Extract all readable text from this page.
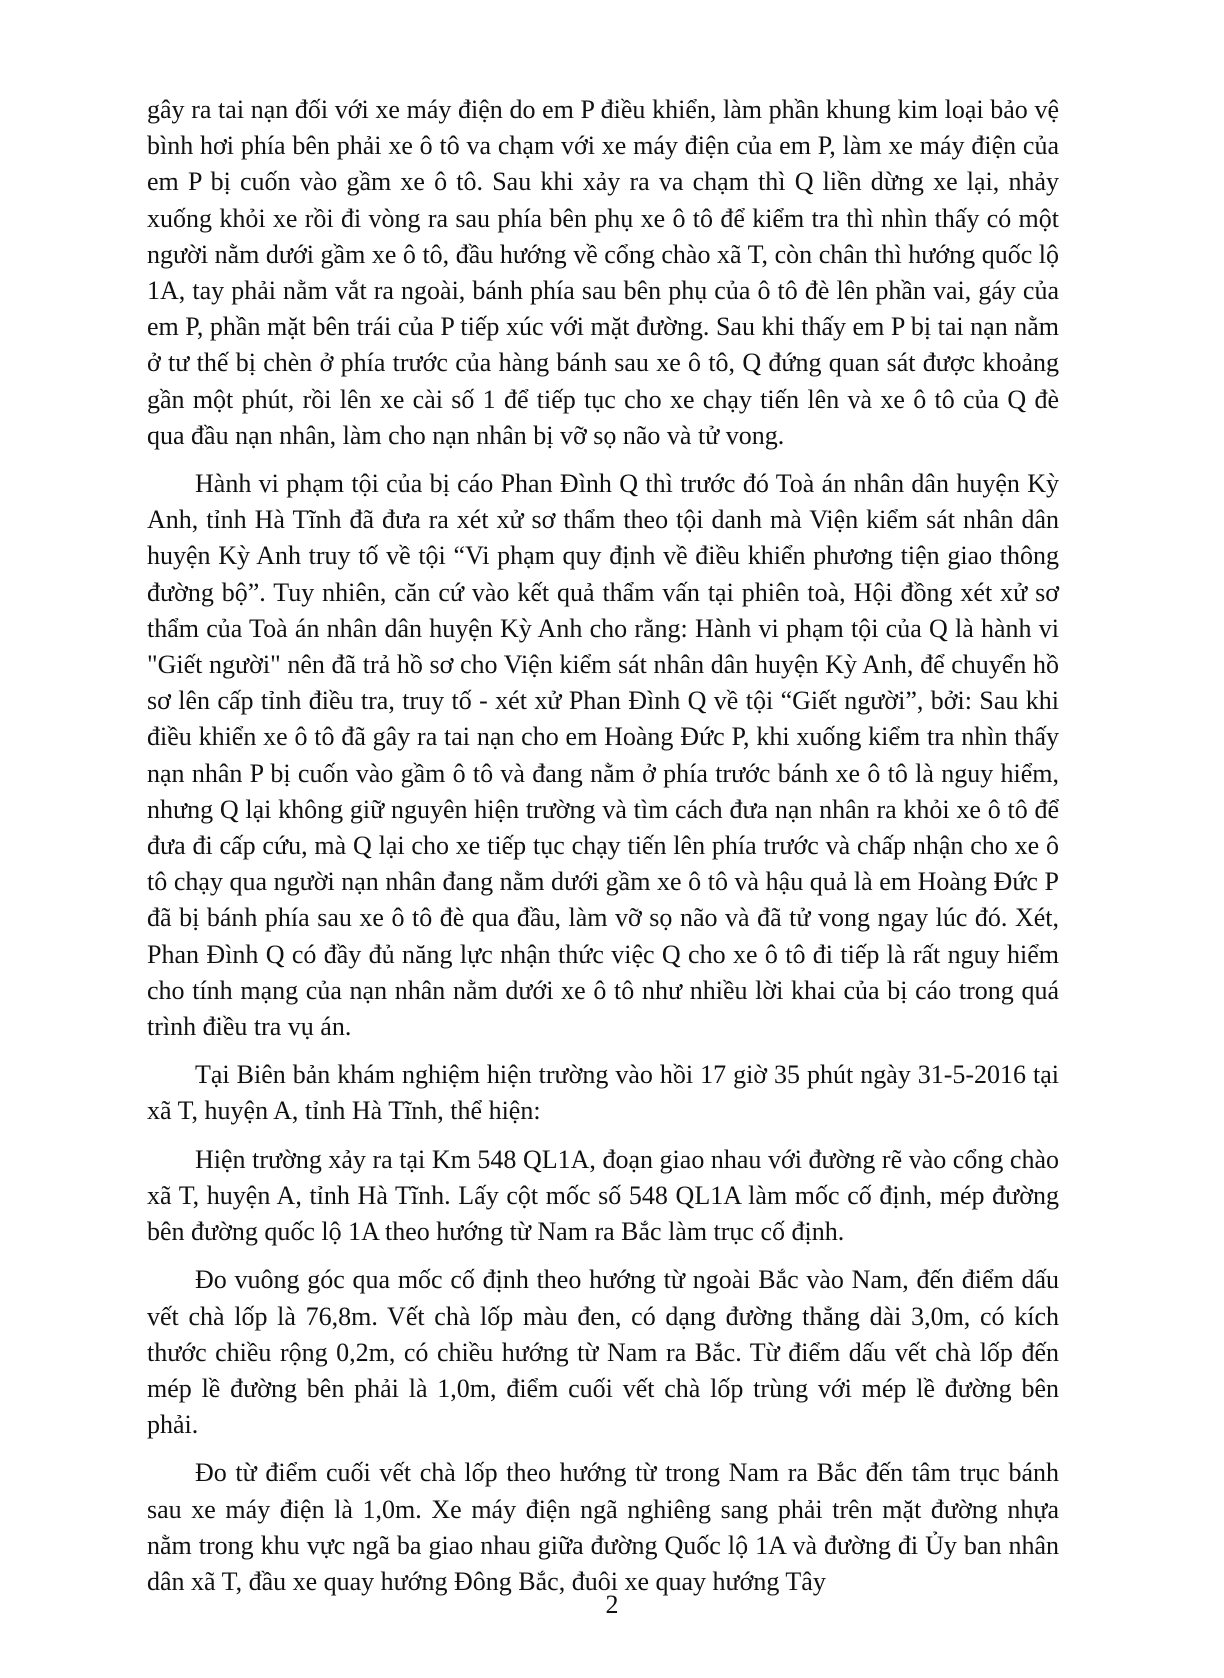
gây ra tai nạn đối với xe máy điện do em P điều khiển, làm phần khung kim loại bảo vệ bình hơi phía bên phải xe ô tô va chạm với xe máy điện của em P, làm xe máy điện của em P bị cuốn vào gầm xe ô tô. Sau khi xảy ra va chạm thì Q liền dừng xe lại, nhảy xuống khỏi xe rồi đi vòng ra sau phía bên phụ xe ô tô để kiểm tra thì nhìn thấy có một người nằm dưới gầm xe ô tô, đầu hướng về cổng chào xã T, còn chân thì hướng quốc lộ 1A, tay phải nằm vắt ra ngoài, bánh phía sau bên phụ của ô tô đè lên phần vai, gáy của em P, phần mặt bên trái của P tiếp xúc với mặt đường. Sau khi thấy em P bị tai nạn nằm ở tư thế bị chèn ở phía trước của hàng bánh sau xe ô tô, Q đứng quan sát được khoảng gần một phút, rồi lên xe cài số 1 để tiếp tục cho xe chạy tiến lên và xe ô tô của Q đè qua đầu nạn nhân, làm cho nạn nhân bị vỡ sọ não và tử vong.

Hành vi phạm tội của bị cáo Phan Đình Q thì trước đó Toà án nhân dân huyện Kỳ Anh, tỉnh Hà Tĩnh đã đưa ra xét xử sơ thẩm theo tội danh mà Viện kiểm sát nhân dân huyện Kỳ Anh truy tố về tội “Vi phạm quy định về điều khiển phương tiện giao thông đường bộ”. Tuy nhiên, căn cứ vào kết quả thẩm vấn tại phiên toà, Hội đồng xét xử sơ thẩm của Toà án nhân dân huyện Kỳ Anh cho rằng: Hành vi phạm tội của Q là hành vi "Giết người" nên đã trả hồ sơ cho Viện kiểm sát nhân dân huyện Kỳ Anh, để chuyển hồ sơ lên cấp tỉnh điều tra, truy tố - xét xử Phan Đình Q về tội “Giết người”, bởi: Sau khi điều khiển xe ô tô đã gây ra tai nạn cho em Hoàng Đức P, khi xuống kiểm tra nhìn thấy nạn nhân P bị cuốn vào gầm ô tô và đang nằm ở phía trước bánh xe ô tô là nguy hiểm, nhưng Q lại không giữ nguyên hiện trường và tìm cách đưa nạn nhân ra khỏi xe ô tô để đưa đi cấp cứu, mà Q lại cho xe tiếp tục chạy tiến lên phía trước và chấp nhận cho xe ô tô chạy qua người nạn nhân đang nằm dưới gầm xe ô tô và hậu quả là em Hoàng Đức P đã bị bánh phía sau xe ô tô đè qua đầu, làm vỡ sọ não và đã tử vong ngay lúc đó. Xét, Phan Đình Q có đầy đủ năng lực nhận thức việc Q cho xe ô tô đi tiếp là rất nguy hiểm cho tính mạng của nạn nhân nằm dưới xe ô tô như nhiều lời khai của bị cáo trong quá trình điều tra vụ án.

Tại Biên bản khám nghiệm hiện trường vào hồi 17 giờ 35 phút ngày 31-5-2016 tại xã T, huyện A, tỉnh Hà Tĩnh, thể hiện:

Hiện trường xảy ra tại Km 548 QL1A, đoạn giao nhau với đường rẽ vào cổng chào xã T, huyện A, tỉnh Hà Tĩnh. Lấy cột mốc số 548 QL1A làm mốc cố định, mép đường bên đường quốc lộ 1A theo hướng từ Nam ra Bắc làm trục cố định.

Đo vuông góc qua mốc cố định theo hướng từ ngoài Bắc vào Nam, đến điểm dấu vết chà lốp là 76,8m. Vết chà lốp màu đen, có dạng đường thẳng dài 3,0m, có kích thước chiều rộng 0,2m, có chiều hướng từ Nam ra Bắc. Từ điểm dấu vết chà lốp đến mép lề đường bên phải là 1,0m, điểm cuối vết chà lốp trùng với mép lề đường bên phải.

Đo từ điểm cuối vết chà lốp theo hướng từ trong Nam ra Bắc đến tâm trục bánh sau xe máy điện là 1,0m. Xe máy điện ngã nghiêng sang phải trên mặt đường nhựa nằm trong khu vực ngã ba giao nhau giữa đường Quốc lộ 1A và đường đi Ủy ban nhân dân xã T, đầu xe quay hướng Đông Bắc, đuôi xe quay hướng Tây

2
